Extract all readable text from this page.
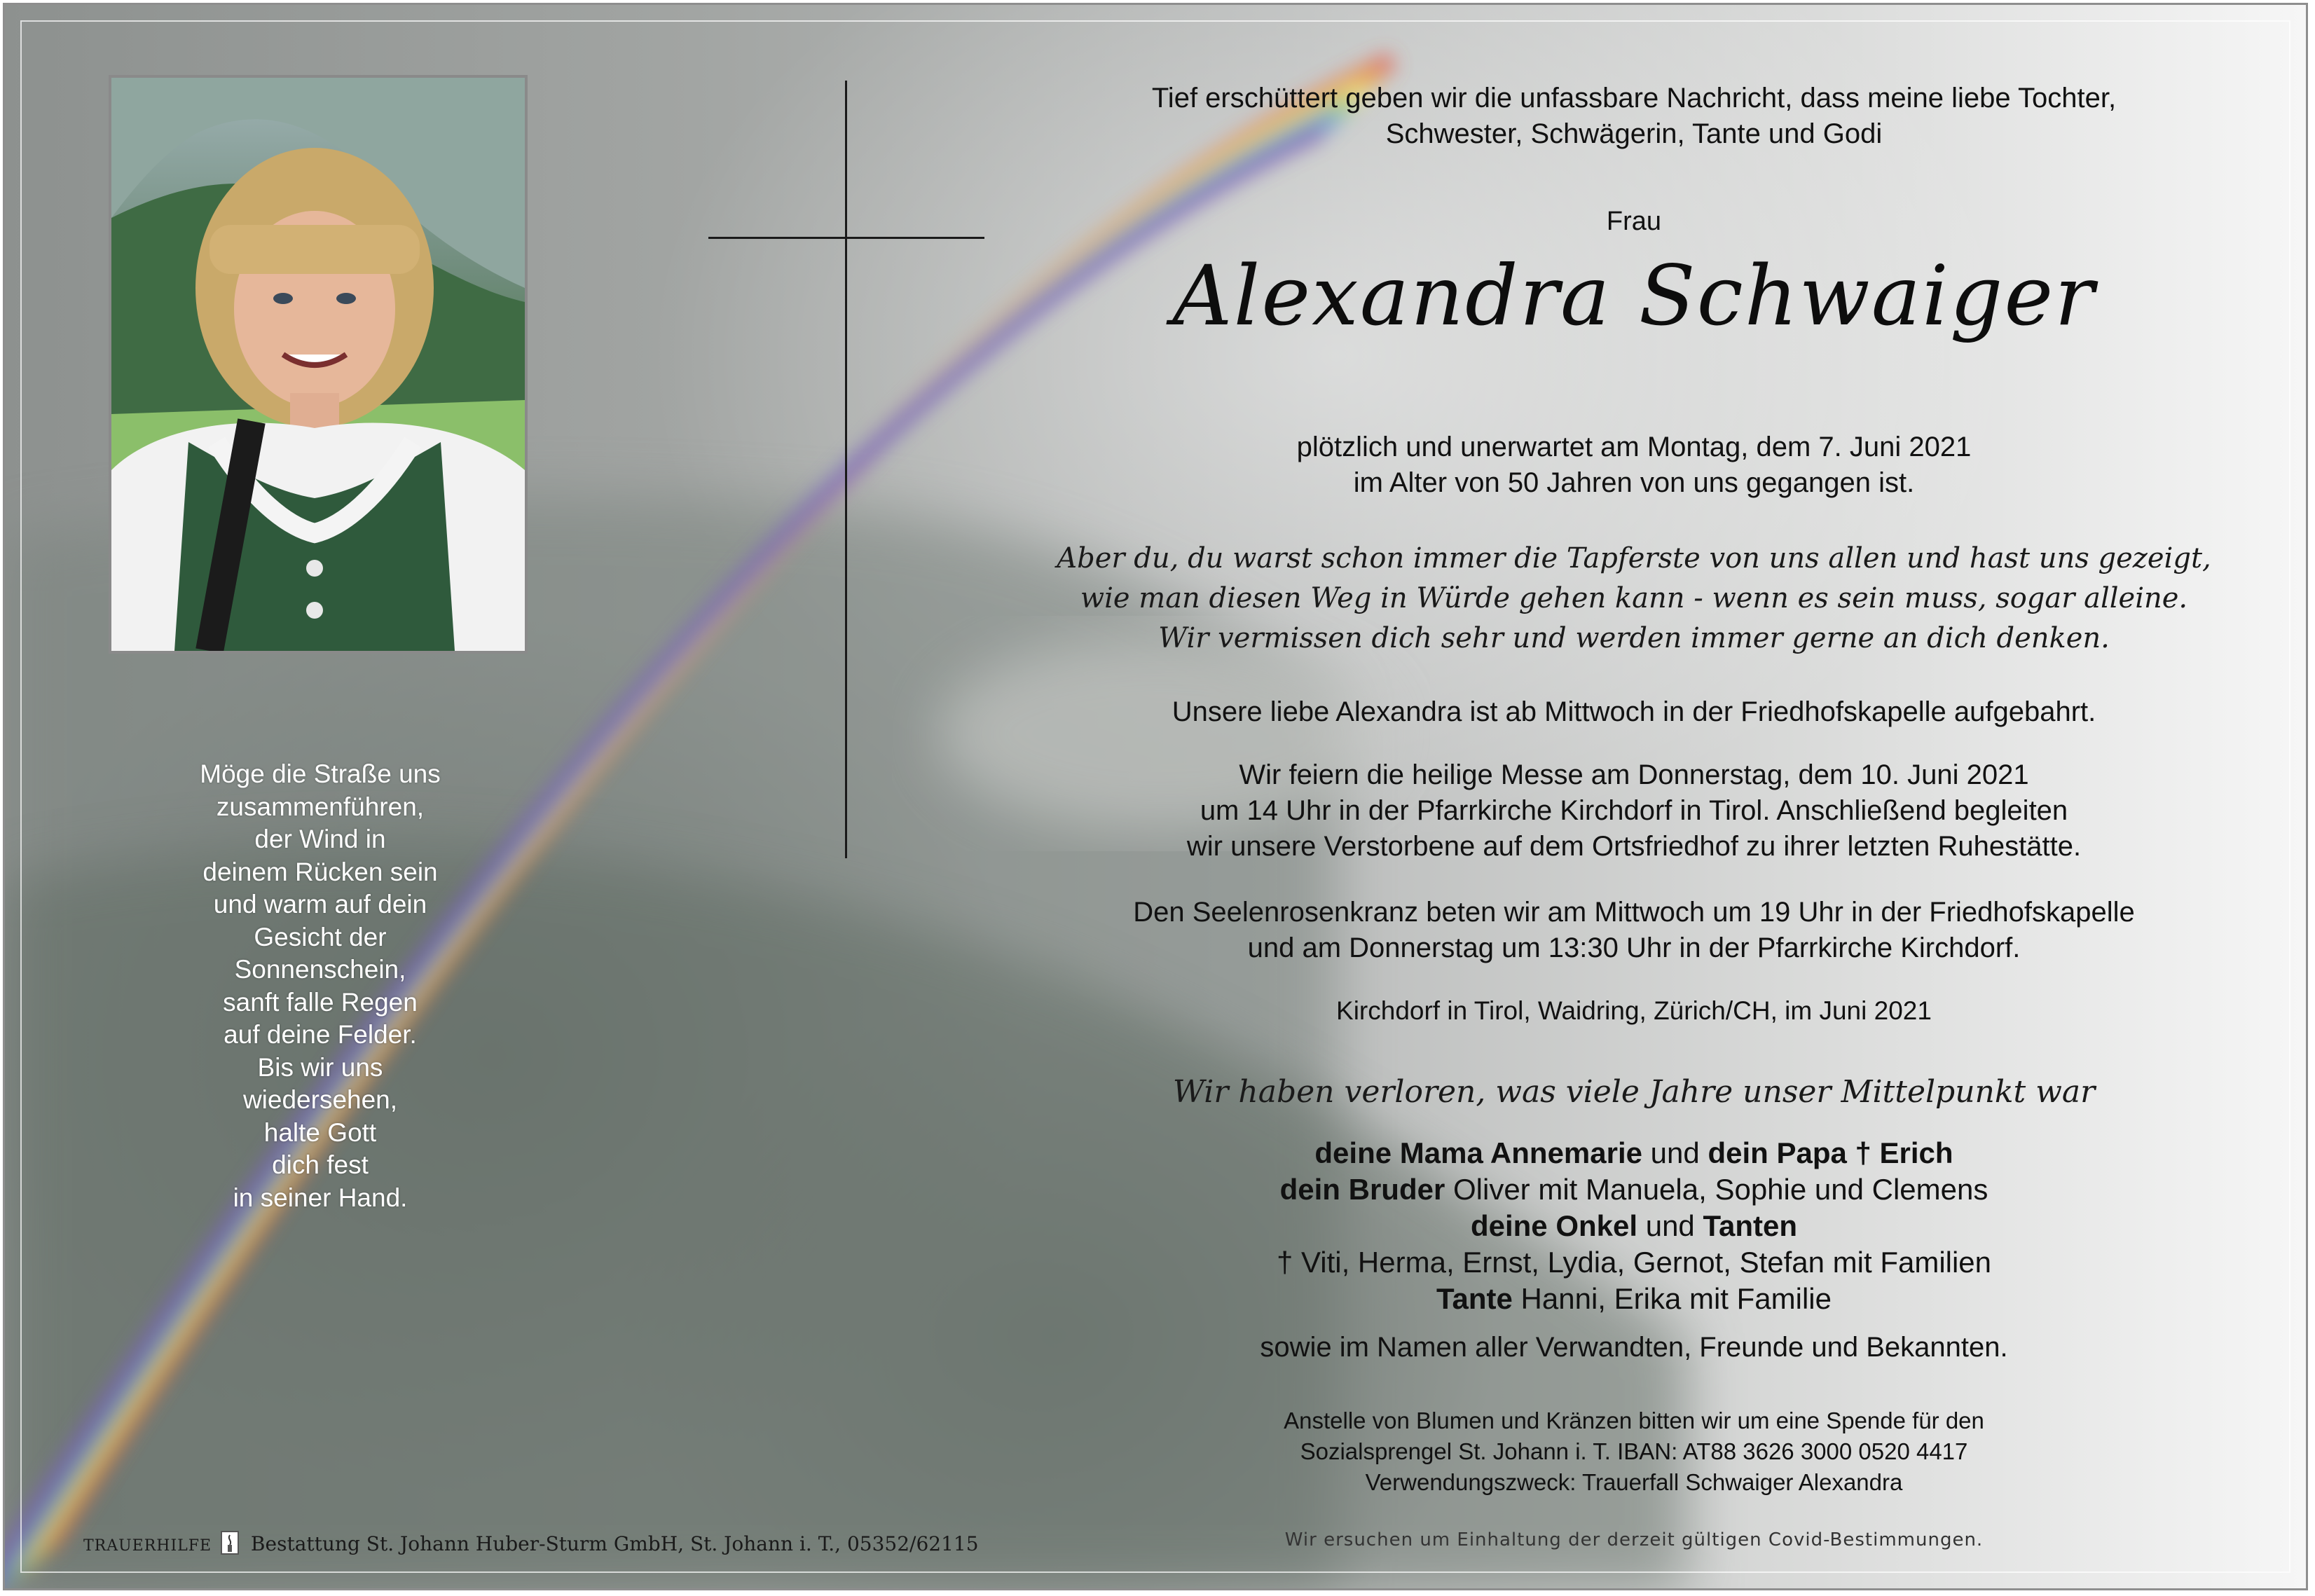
Möge die Straße uns
zusammenführen,
der Wind in
deinem Rücken sein
und warm auf dein
Gesicht der
Sonnenschein,
sanft falle Regen
auf deine Felder.
Bis wir uns
wiedersehen,
halte Gott
dich fest
in seiner Hand.
Tief erschüttert geben wir die unfassbare Nachricht, dass meine liebe Tochter,
Schwester, Schwägerin, Tante und Godi
Frau
Alexandra Schwaiger
plötzlich und unerwartet am Montag, dem 7. Juni 2021
im Alter von 50 Jahren von uns gegangen ist.
Aber du, du warst schon immer die Tapferste von uns allen und hast uns gezeigt,
wie man diesen Weg in Würde gehen kann - wenn es sein muss, sogar alleine.
Wir vermissen dich sehr und werden immer gerne an dich denken.
Unsere liebe Alexandra ist ab Mittwoch in der Friedhofskapelle aufgebahrt.
Wir feiern die heilige Messe am Donnerstag, dem 10. Juni 2021
um 14 Uhr in der Pfarrkirche Kirchdorf in Tirol. Anschließend begleiten
wir unsere Verstorbene auf dem Ortsfriedhof zu ihrer letzten Ruhestätte.
Den Seelenrosenkranz beten wir am Mittwoch um 19 Uhr in der Friedhofskapelle
und am Donnerstag um 13:30 Uhr in der Pfarrkirche Kirchdorf.
Kirchdorf in Tirol, Waidring, Zürich/CH, im Juni 2021
Wir haben verloren, was viele Jahre unser Mittelpunkt war
deine Mama Annemarie und dein Papa † Erich
dein Bruder Oliver mit Manuela, Sophie und Clemens
deine Onkel und Tanten
† Viti, Herma, Ernst, Lydia, Gernot, Stefan mit Familien
Tante Hanni, Erika mit Familie
sowie im Namen aller Verwandten, Freunde und Bekannten.
Anstelle von Blumen und Kränzen bitten wir um eine Spende für den
Sozialsprengel St. Johann i. T. IBAN: AT88 3626 3000 0520 4417
Verwendungszweck: Trauerfall Schwaiger Alexandra
Wir ersuchen um Einhaltung der derzeit gültigen Covid-Bestimmungen.
TRAUERHILFE Bestattung St. Johann Huber-Sturm GmbH, St. Johann i. T., 05352/62115
